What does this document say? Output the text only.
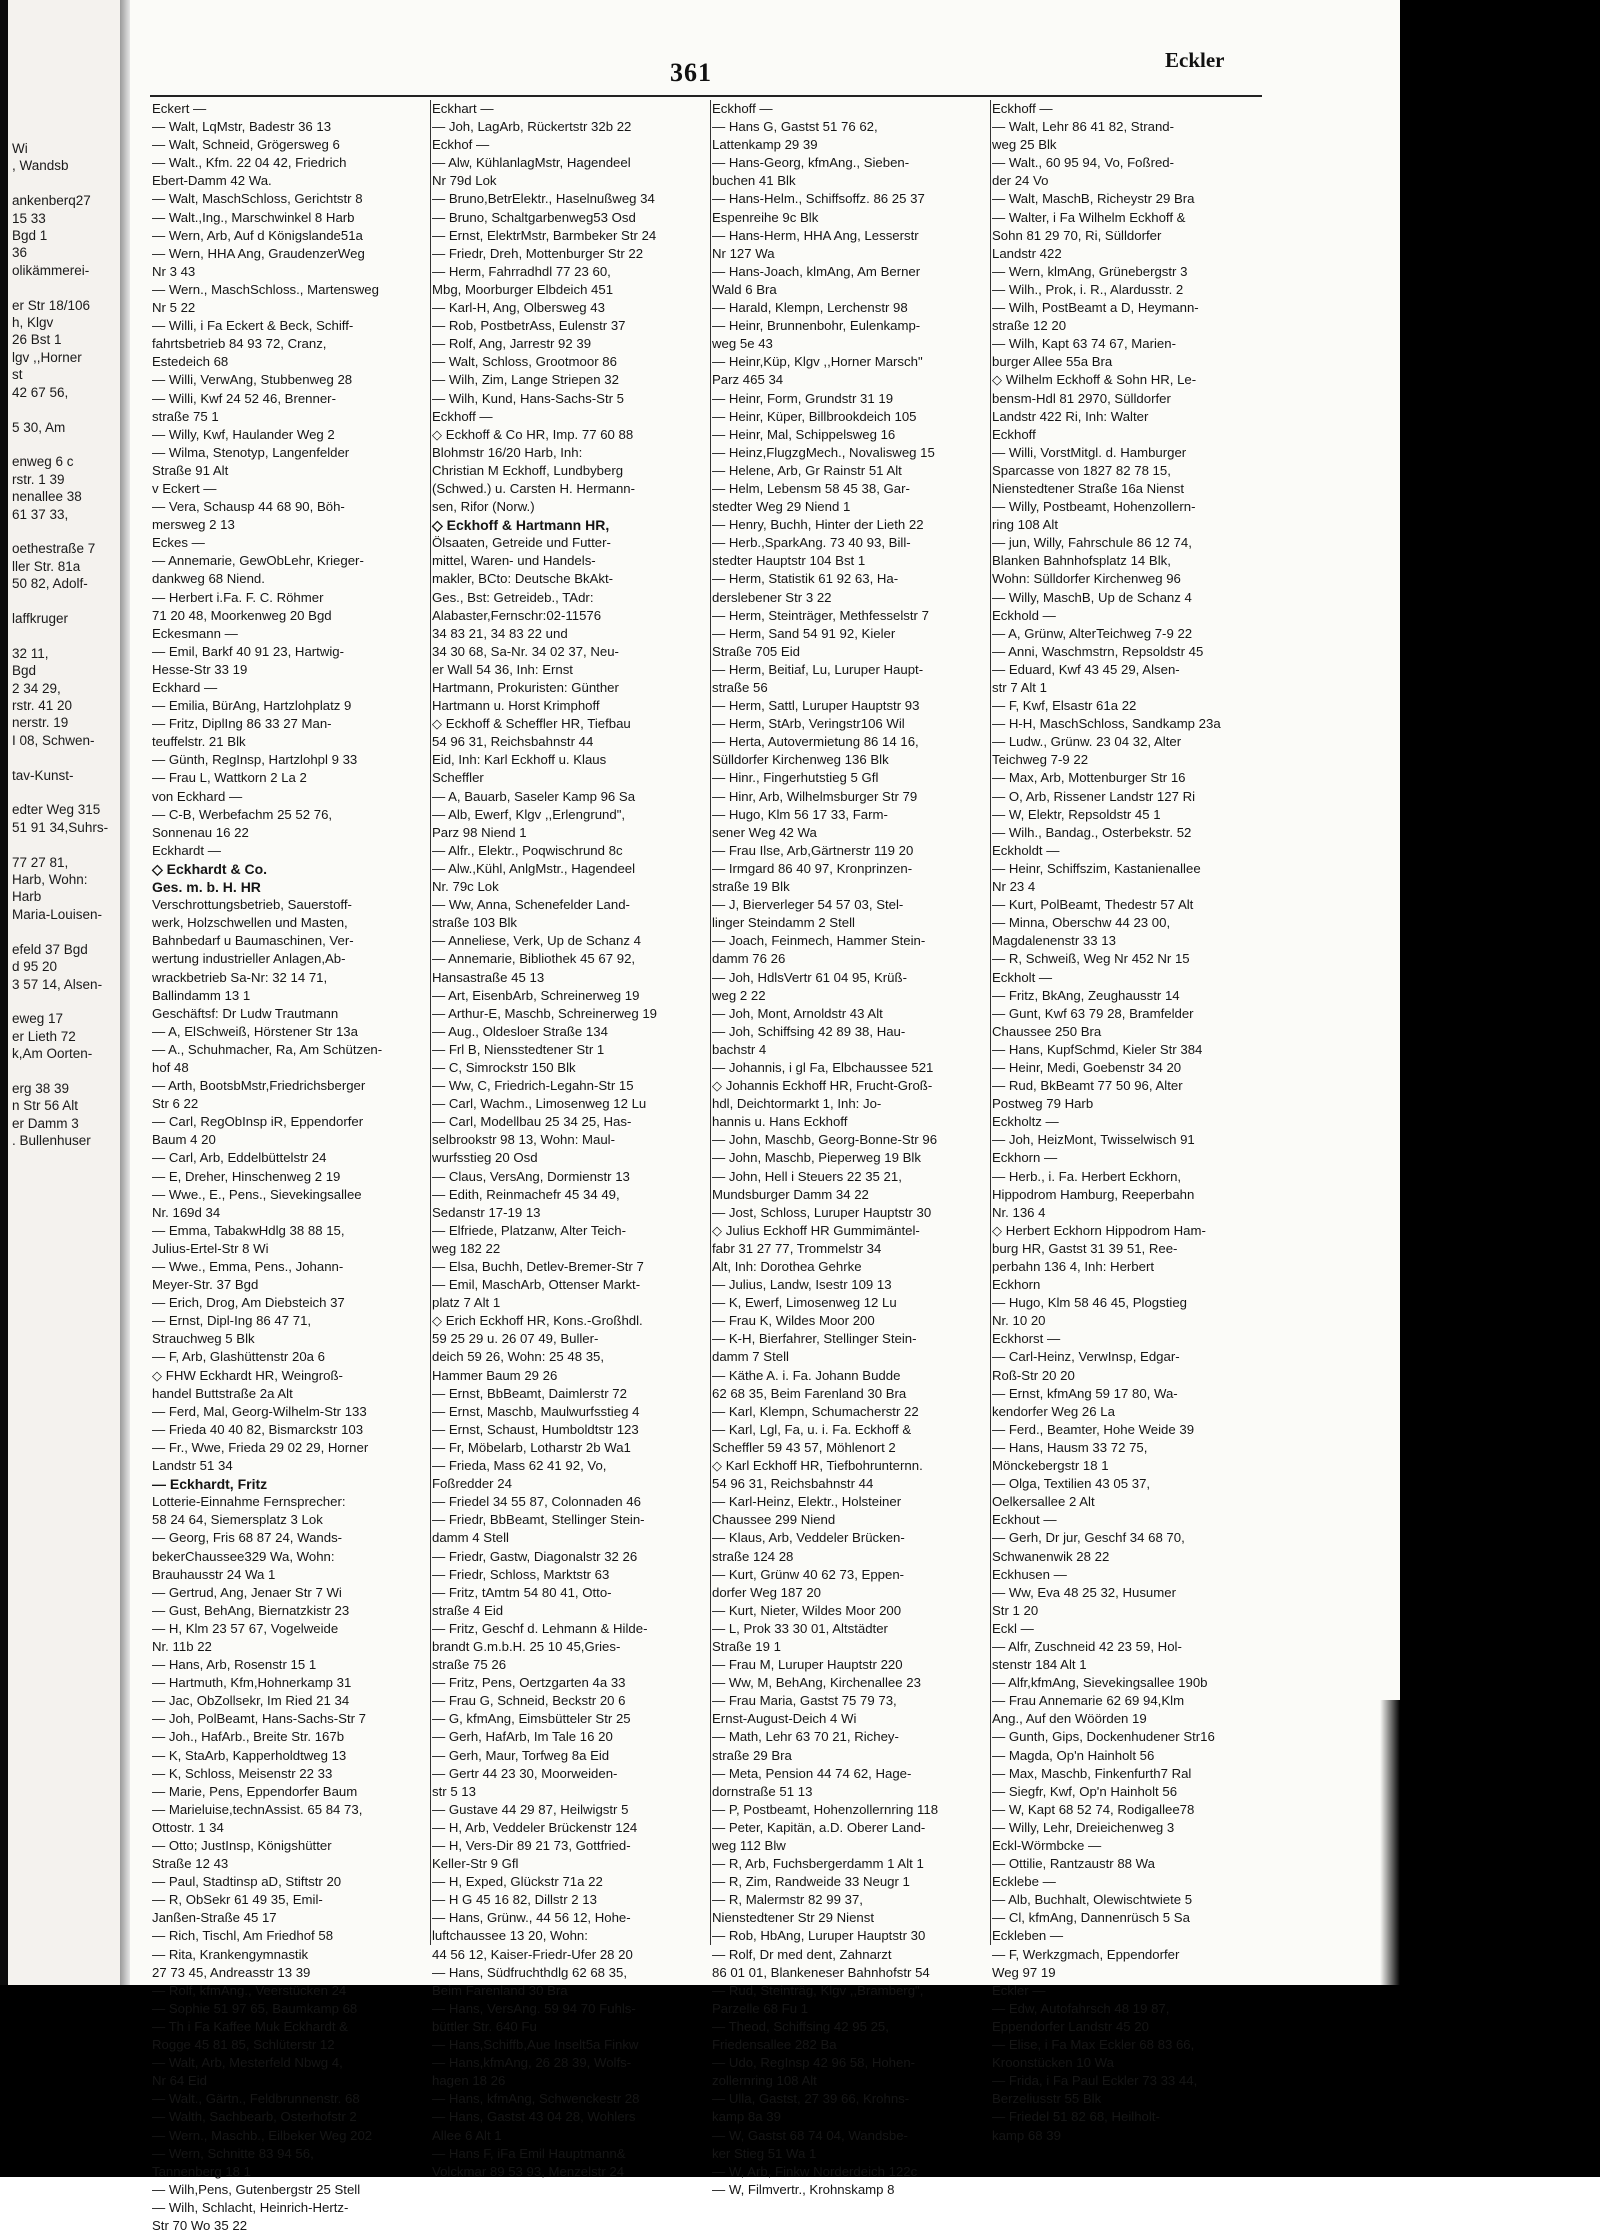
Wi
, Wandsb

ankenberq27
15 33
Bgd 1
36
olikämmerei-

er Str 18/106
h, Klgv
26 Bst 1
lgv ,,Horner
st
42 67 56,

5 30, Am

enweg 6 c
rstr. 1 39
nenallee 38
61 37 33,

oethestraße 7
ller Str. 81a
50 82, Adolf-

laffkruger

32 11,
Bgd
2 34 29,
rstr. 41 20
nerstr. 19
I 08, Schwen-

tav-Kunst-

edter Weg 315
51 91 34,Suhrs-

77 27 81,
Harb, Wohn:
Harb
Maria-Louisen-

efeld 37 Bgd
d 95 20
3 57 14, Alsen-

eweg 17
er Lieth 72
k,Am Oorten-

erg 38 39
n Str 56 Alt
er Damm 3
. Bullenhuser
361	Eckler
Eckert —
— Walt, LqMstr, Badestr 36 13
— Walt, Schneid, Grögersweg 6
— Walt., Kfm. 22 04 42, Friedrich
Ebert-Damm 42 Wa.
— Walt, MaschSchloss, Gerichtstr 8
— Walt.,Ing., Marschwinkel 8 Harb
— Wern, Arb, Auf d Königslande51a
— Wern, HHA Ang, GraudenzerWeg
Nr 3 43
— Wern., MaschSchloss., Martensweg
Nr 5 22
— Willi, i Fa Eckert & Beck, Schiff-
fahrtsbetrieb 84 93 72, Cranz,
Estedeich 68
— Willi, VerwAng, Stubbenweg 28
— Willi, Kwf 24 52 46, Brenner-
straße 75 1
— Willy, Kwf, Haulander Weg 2
— Wilma, Stenotyp, Langenfelder
Straße 91 Alt
v Eckert —
— Vera, Schausp 44 68 90, Böh-
mersweg 2 13
Eckes —
— Annemarie, GewObLehr, Krieger-
dankweg 68 Niend.
— Herbert i.Fa. F. C. Röhmer
71 20 48, Moorkenweg 20 Bgd
Eckesmann —
— Emil, Barkf 40 91 23, Hartwig-
Hesse-Str 33 19
Eckhard —
— Emilia, BürAng, Hartzlohplatz 9
— Fritz, DiplIng 86 33 27 Man-
teuffelstr. 21 Blk
— Günth, RegInsp, Hartzlohpl 9 33
— Frau L, Wattkorn 2 La 2
von Eckhard —
— C-B, Werbefachm 25 52 76,
Sonnenau 16 22
Eckhardt —
◇ Eckhardt & Co.
Ges. m. b. H. HR
Verschrottungsbetrieb, Sauerstoff-
werk, Holzschwellen und Masten,
Bahnbedarf u Baumaschinen, Ver-
wertung industrieller Anlagen,Ab-
wrackbetrieb Sa-Nr: 32 14 71,
Ballindamm 13 1
Geschäftsf: Dr Ludw Trautmann
— A, ElSchweiß, Hörstener Str 13a
— A., Schuhmacher, Ra, Am Schützen-
hof 48
— Arth, BootsbMstr,Friedrichsberger
Str 6 22
— Carl, RegObInsp iR, Eppendorfer
Baum 4 20
— Carl, Arb, Eddelbüttelstr 24
— E, Dreher, Hinschenweg 2 19
— Wwe., E., Pens., Sievekingsallee
Nr. 169d 34
— Emma, TabakwHdlg 38 88 15,
Julius-Ertel-Str 8 Wi
— Wwe., Emma, Pens., Johann-
Meyer-Str. 37 Bgd
— Erich, Drog, Am Diebsteich 37
— Ernst, Dipl-Ing 86 47 71,
Strauchweg 5 Blk
— F, Arb, Glashüttenstr 20a 6
◇ FHW Eckhardt HR, Weingroß-
handel Buttstraße 2a Alt
— Ferd, Mal, Georg-Wilhelm-Str 133
— Frieda 40 40 82, Bismarckstr 103
— Fr., Wwe, Frieda 29 02 29, Horner
Landstr 51 34
— Eckhardt, Fritz
Lotterie-Einnahme Fernsprecher:
58 24 64, Siemersplatz 3 Lok
— Georg, Fris 68 87 24, Wands-
bekerChaussee329 Wa, Wohn:
Brauhausstr 24 Wa 1
— Gertrud, Ang, Jenaer Str 7 Wi
— Gust, BehAng, Biernatzkistr 23
— H, Klm 23 57 67, Vogelweide
Nr. 11b 22
— Hans, Arb, Rosenstr 15 1
— Hartmuth, Kfm,Hohnerkamp 31
— Jac, ObZollsekr, Im Ried 21 34
— Joh, PolBeamt, Hans-Sachs-Str 7
— Joh., HafArb., Breite Str. 167b
— K, StaArb, Kapperholdtweg 13
— K, Schloss, Meisenstr 22 33
— Marie, Pens, Eppendorfer Baum
— Marieluise,technAssist. 65 84 73,
Ottostr. 1 34
— Otto; JustInsp, Königshütter
Straße 12 43
— Paul, Stadtinsp aD, Stiftstr 20
— R, ObSekr 61 49 35, Emil-
Janßen-Straße 45 17
— Rich, Tischl, Am Friedhof 58
— Rita, Krankengymnastik
27 73 45, Andreasstr 13 39
— Rolf, kfmAng., Veerstücken 24
— Sophie 51 97 65, Baumkamp 68
— Th i Fa Kaffee Muk Eckhardt &
Rogge 45 81 85, Schlüterstr 12
— Walt, Arb, Mesterfeld Nbwg 4,
Nr 64 Eid
— Walt., Gärtn., Feldbrunnenstr. 68
— Walth, Sachbearb, Osterhofstr 2
— Wern., Maschb., Eilbeker Weg 202
— Wern, Schnitte 83 94 56,
Tannenberg 18 1
— Wilh,Pens, Gutenbergstr 25 Stell
— Wilh, Schlacht, Heinrich-Hertz-
Str 70 Wo 35 22
Eckhart —
— Joh, LagArb, Rückertstr 32b 22
Eckhof —
— Alw, KühlanlagMstr, Hagendeel
Nr 79d Lok
— Bruno,BetrElektr., Haselnußweg 34
— Bruno, Schaltgarbenweg53 Osd
— Ernst, ElektrMstr, Barmbeker Str 24
— Friedr, Dreh, Mottenburger Str 22
— Herm, Fahrradhdl 77 23 60,
Mbg, Moorburger Elbdeich 451
— Karl-H, Ang, Olbersweg 43
— Rob, PostbetrAss, Eulenstr 37
— Rolf, Ang, Jarrestr 92 39
— Walt, Schloss, Grootmoor 86
— Wilh, Zim, Lange Striepen 32
— Wilh, Kund, Hans-Sachs-Str 5
Eckhoff —
◇ Eckhoff & Co HR, Imp. 77 60 88
Blohmstr 16/20 Harb, Inh:
Christian M Eckhoff, Lundbyberg
(Schwed.) u. Carsten H. Hermann-
sen, Rifor (Norw.)
◇ Eckhoff & Hartmann HR,
Ölsaaten, Getreide und Futter-
mittel, Waren- und Handels-
makler, BCto: Deutsche BkAkt-
Ges., Bst: Getreideb., TAdr:
Alabaster,Fernschr:02-11576
34 83 21, 34 83 22 und
34 30 68, Sa-Nr. 34 02 37, Neu-
er Wall 54 36, Inh: Ernst
Hartmann, Prokuristen: Günther
Hartmann u. Horst Krimphoff
◇ Eckhoff & Scheffler HR, Tiefbau
54 96 31, Reichsbahnstr 44
Eid, Inh: Karl Eckhoff u. Klaus
Scheffler
— A, Bauarb, Saseler Kamp 96 Sa
— Alb, Ewerf, Klgv ,,Erlengrund",
Parz 98 Niend 1
— Alfr., Elektr., Poqwischrund 8c
— Alw.,Kühl, AnlgMstr., Hagendeel
Nr. 79c Lok
— Ww, Anna, Schenefelder Land-
straße 103 Blk
— Anneliese, Verk, Up de Schanz 4
— Annemarie, Bibliothek 45 67 92,
Hansastraße 45 13
— Art, EisenbArb, Schreinerweg 19
— Arthur-E, Maschb, Schreinerweg 19
— Aug., Oldesloer Straße 134
— Frl B, Niensstedtener Str 1
— C, Simrockstr 150 Blk
— Ww, C, Friedrich-Legahn-Str 15
— Carl, Wachm., Limosenweg 12 Lu
— Carl, Modellbau 25 34 25, Has-
selbrookstr 98 13, Wohn: Maul-
wurfsstieg 20 Osd
— Claus, VersAng, Dormienstr 13
— Edith, Reinmachefr 45 34 49,
Sedanstr 17-19 13
— Elfriede, Platzanw, Alter Teich-
weg 182 22
— Elsa, Buchh, Detlev-Bremer-Str 7
— Emil, MaschArb, Ottenser Markt-
platz 7 Alt 1
◇ Erich Eckhoff HR, Kons.-Großhdl.
59 25 29 u. 26 07 49, Buller-
deich 59 26, Wohn: 25 48 35,
Hammer Baum 29 26
— Ernst, BbBeamt, Daimlerstr 72
— Ernst, Maschb, Maulwurfsstieg 4
— Ernst, Schaust, Humboldtstr 123
— Fr, Möbelarb, Lotharstr 2b Wa1
— Frieda, Mass 62 41 92, Vo,
Foßredder 24
— Friedel 34 55 87, Colonnaden 46
— Friedr, BbBeamt, Stellinger Stein-
damm 4 Stell
— Friedr, Gastw, Diagonalstr 32 26
— Friedr, Schloss, Marktstr 63
— Fritz, tAmtm 54 80 41, Otto-
straße 4 Eid
— Fritz, Geschf d. Lehmann & Hilde-
brandt G.m.b.H. 25 10 45,Gries-
straße 75 26
— Fritz, Pens, Oertzgarten 4a 33
— Frau G, Schneid, Beckstr 20 6
— G, kfmAng, Eimsbütteler Str 25
— Gerh, HafArb, Im Tale 16 20
— Gerh, Maur, Torfweg 8a Eid
— Gertr 44 23 30, Moorweiden-
str 5 13
— Gustave 44 29 87, Heilwigstr 5
— H, Arb, Veddeler Brückenstr 124
— H, Vers-Dir 89 21 73, Gottfried-
Keller-Str 9 Gfl
— H, Exped, Glückstr 71a 22
— H G 45 16 82, Dillstr 2 13
— Hans, Grünw., 44 56 12, Hohe-
luftchaussee 13 20, Wohn:
44 56 12, Kaiser-Friedr-Ufer 28 20
— Hans, Südfruchthdlg 62 68 35,
Beim Farenland 30 Bra
— Hans, VersAng. 59 94 70 Fuhls-
büttler Str. 640 Fu
— Hans,Schiffb,Aue Inselt5a Finkw
— Hans,kfmAng, 26 28 39, Wolfs-
hagen 18 26
— Hans, kfmAng, Schwenckestr 28
— Hans, Gastst 43 04 28, Wohlers
Allee 6 Alt 1
— Hans F, iFa Emil Hauptmann&
Volckmar 89 53 93, Menzelstr 24
Eckhoff —
— Hans G, Gastst 51 76 62,
Lattenkamp 29 39
— Hans-Georg, kfmAng., Sieben-
buchen 41 Blk
— Hans-Helm., Schiffsoffz. 86 25 37
Espenreihe 9c Blk
— Hans-Herm, HHA Ang, Lesserstr
Nr 127 Wa
— Hans-Joach, klmAng, Am Berner
Wald 6 Bra
— Harald, Klempn, Lerchenstr 98
— Heinr, Brunnenbohr, Eulenkamp-
weg 5e 43
— Heinr,Küp, Klgv ,,Horner Marsch"
Parz 465 34
— Heinr, Form, Grundstr 31 19
— Heinr, Küper, Billbrookdeich 105
— Heinr, Mal, Schippelsweg 16
— Heinz,FlugzgMech., Novalisweg 15
— Helene, Arb, Gr Rainstr 51 Alt
— Helm, Lebensm 58 45 38, Gar-
stedter Weg 29 Niend 1
— Henry, Buchh, Hinter der Lieth 22
— Herb.,SparkAng. 73 40 93, Bill-
stedter Hauptstr 104 Bst 1
— Herm, Statistik 61 92 63, Ha-
derslebener Str 3 22
— Herm, Steinträger, Methfesselstr 7
— Herm, Sand 54 91 92, Kieler
Straße 705 Eid
— Herm, Beitiaf, Lu, Luruper Haupt-
straße 56
— Herm, Sattl, Luruper Hauptstr 93
— Herm, StArb, Veringstr106 Wil
— Herta, Autovermietung 86 14 16,
Sülldorfer Kirchenweg 136 Blk
— Hinr., Fingerhutstieg 5 Gfl
— Hinr, Arb, Wilhelmsburger Str 79
— Hugo, Klm 56 17 33, Farm-
sener Weg 42 Wa
— Frau Ilse, Arb,Gärtnerstr 119 20
— Irmgard 86 40 97, Kronprinzen-
straße 19 Blk
— J, Bierverleger 54 57 03, Stel-
linger Steindamm 2 Stell
— Joach, Feinmech, Hammer Stein-
damm 76 26
— Joh, HdlsVertr 61 04 95, Krüß-
weg 2 22
— Joh, Mont, Arnoldstr 43 Alt
— Joh, Schiffsing 42 89 38, Hau-
bachstr 4
— Johannis, i gl Fa, Elbchaussee 521
◇ Johannis Eckhoff HR, Frucht-Groß-
hdl, Deichtormarkt 1, Inh: Jo-
hannis u. Hans Eckhoff
— John, Maschb, Georg-Bonne-Str 96
— John, Maschb, Pieperweg 19 Blk
— John, Hell i Steuers 22 35 21,
Mundsburger Damm 34 22
— Jost, Schloss, Luruper Hauptstr 30
◇ Julius Eckhoff HR Gummimäntel-
fabr 31 27 77, Trommelstr 34
Alt, Inh: Dorothea Gehrke
— Julius, Landw, Isestr 109 13
— K, Ewerf, Limosenweg 12 Lu
— Frau K, Wildes Moor 200
— K-H, Bierfahrer, Stellinger Stein-
damm 7 Stell
— Käthe A. i. Fa. Johann Budde
62 68 35, Beim Farenland 30 Bra
— Karl, Klempn, Schumacherstr 22
— Karl, Lgl, Fa, u. i. Fa. Eckhoff &
Scheffler 59 43 57, Möhlenort 2
◇ Karl Eckhoff HR, Tiefbohrunternn.
54 96 31, Reichsbahnstr 44
— Karl-Heinz, Elektr., Holsteiner
Chaussee 299 Niend
— Klaus, Arb, Veddeler Brücken-
straße 124 28
— Kurt, Grünw 40 62 73, Eppen-
dorfer Weg 187 20
— Kurt, Nieter, Wildes Moor 200
— L, Prok 33 30 01, Altstädter
Straße 19 1
— Frau M, Luruper Hauptstr 220
— Ww, M, BehAng, Kirchenallee 23
— Frau Maria, Gastst 75 79 73,
Ernst-August-Deich 4 Wi
— Math, Lehr 63 70 21, Richey-
straße 29 Bra
— Meta, Pension 44 74 62, Hage-
dornstraße 51 13
— P, Postbeamt, Hohenzollernring 118
— Peter, Kapitän, a.D. Oberer Land-
weg 112 Blw
— R, Arb, Fuchsbergerdamm 1 Alt 1
— R, Zim, Randweide 33 Neugr 1
— R, Malermstr 82 99 37,
Nienstedtener Str 29 Nienst
— Rob, HbAng, Luruper Hauptstr 30
— Rolf, Dr med dent, Zahnarzt
86 01 01, Blankeneser Bahnhofstr 54
— Rud, Steinträg, Klgv ,,Bramberg",
Parzelle 68 Fu 1
— Theod, Schiffsing 42 95 25,
Friedensallee 282 Ba
— Udo, RegInsp 42 96 58, Hohen-
zollernring 108 Alt
— Ulla, Gastst, 27 39 66, Krohns-
kamp 8a 39
— W, Gastst 68 74 04, Wandsbe-
ker Stieg 51 Wa 1
— W, Arb, Finkw Norderdeich 122c
— W, Filmvertr., Krohnskamp 8
Eckhoff —
— Walt, Lehr 86 41 82, Strand-
weg 25 Blk
— Walt., 60 95 94, Vo, Foßred-
der 24 Vo
— Walt, MaschB, Richeystr 29 Bra
— Walter, i Fa Wilhelm Eckhoff &
Sohn 81 29 70, Ri, Sülldorfer
Landstr 422
— Wern, klmAng, Grünebergstr 3
— Wilh., Prok, i. R., Alardusstr. 2
— Wilh, PostBeamt a D, Heymann-
straße 12 20
— Wilh, Kapt 63 74 67, Marien-
burger Allee 55a Bra
◇ Wilhelm Eckhoff & Sohn HR, Le-
bensm-Hdl 81 2970, Sülldorfer
Landstr 422 Ri, Inh: Walter
Eckhoff
— Willi, VorstMitgl. d. Hamburger
Sparcasse von 1827 82 78 15,
Nienstedtener Straße 16a Nienst
— Willy, Postbeamt, Hohenzollern-
ring 108 Alt
— jun, Willy, Fahrschule 86 12 74,
Blanken Bahnhofsplatz 14 Blk,
Wohn: Sülldorfer Kirchenweg 96
— Willy, MaschB, Up de Schanz 4
Eckhold —
— A, Grünw, AlterTeichweg 7-9 22
— Anni, Waschmstrn, Repsoldstr 45
— Eduard, Kwf 43 45 29, Alsen-
str 7 Alt 1
— F, Kwf, Elsastr 61a 22
— H-H, MaschSchloss, Sandkamp 23a
— Ludw., Grünw. 23 04 32, Alter
Teichweg 7-9 22
— Max, Arb, Mottenburger Str 16
— O, Arb, Rissener Landstr 127 Ri
— W, Elektr, Repsoldstr 45 1
— Wilh., Bandag., Osterbekstr. 52
Eckholdt —
— Heinr, Schiffszim, Kastanienallee
Nr 23 4
— Kurt, PolBeamt, Thedestr 57 Alt
— Minna, Oberschw 44 23 00,
Magdalenenstr 33 13
— R, Schweiß, Weg Nr 452 Nr 15
Eckholt —
— Fritz, BkAng, Zeughausstr 14
— Gunt, Kwf 63 79 28, Bramfelder
Chaussee 250 Bra
— Hans, KupfSchmd, Kieler Str 384
— Heinr, Medi, Goebenstr 34 20
— Rud, BkBeamt 77 50 96, Alter
Postweg 79 Harb
Eckholtz —
— Joh, HeizMont, Twisselwisch 91
Eckhorn —
— Herb., i. Fa. Herbert Eckhorn,
Hippodrom Hamburg, Reeperbahn
Nr. 136 4
◇ Herbert Eckhorn Hippodrom Ham-
burg HR, Gastst 31 39 51, Ree-
perbahn 136 4, Inh: Herbert
Eckhorn
— Hugo, Klm 58 46 45, Plogstieg
Nr. 10 20
Eckhorst —
— Carl-Heinz, VerwInsp, Edgar-
Roß-Str 20 20
— Ernst, kfmAng 59 17 80, Wa-
kendorfer Weg 26 La
— Ferd., Beamter, Hohe Weide 39
— Hans, Hausm 33 72 75,
Mönckebergstr 18 1
— Olga, Textilien 43 05 37,
Oelkersallee 2 Alt
Eckhout —
— Gerh, Dr jur, Geschf 34 68 70,
Schwanenwik 28 22
Eckhusen —
— Ww, Eva 48 25 32, Husumer
Str 1 20
Eckl —
— Alfr, Zuschneid 42 23 59, Hol-
stenstr 184 Alt 1
— Alfr,kfmAng, Sievekingsallee 190b
— Frau Annemarie 62 69 94,Klm
Ang., Auf den Wöörden 19
— Gunth, Gips, Dockenhudener Str16
— Magda, Op'n Hainholt 56
— Max, Maschb, Finkenfurth7 Ral
— Siegfr, Kwf, Op'n Hainholt 56
— W, Kapt 68 52 74, Rodigallee78
— Willy, Lehr, Dreieichenweg 3
Eckl-Wörmbcke —
— Ottilie, Rantzaustr 88 Wa
Ecklebe —
— Alb, Buchhalt, Olewischtwiete 5
— Cl, kfmAng, Dannenrüsch 5 Sa
Eckleben —
— F, Werkzgmach, Eppendorfer
Weg 97 19
Eckler —
— Edw, Autofahrsch 48 19 87,
Eppendorfer Landstr 45 20
— Elise, i Fa Max Eckler 68 83 66,
Kroonstücken 10 Wa
— Frida, i Fa Paul Eckler 73 33 44,
Berzeliusstr 55 Blk
— Friedel 51 82 68, Heilholt-
kamp 68 39
